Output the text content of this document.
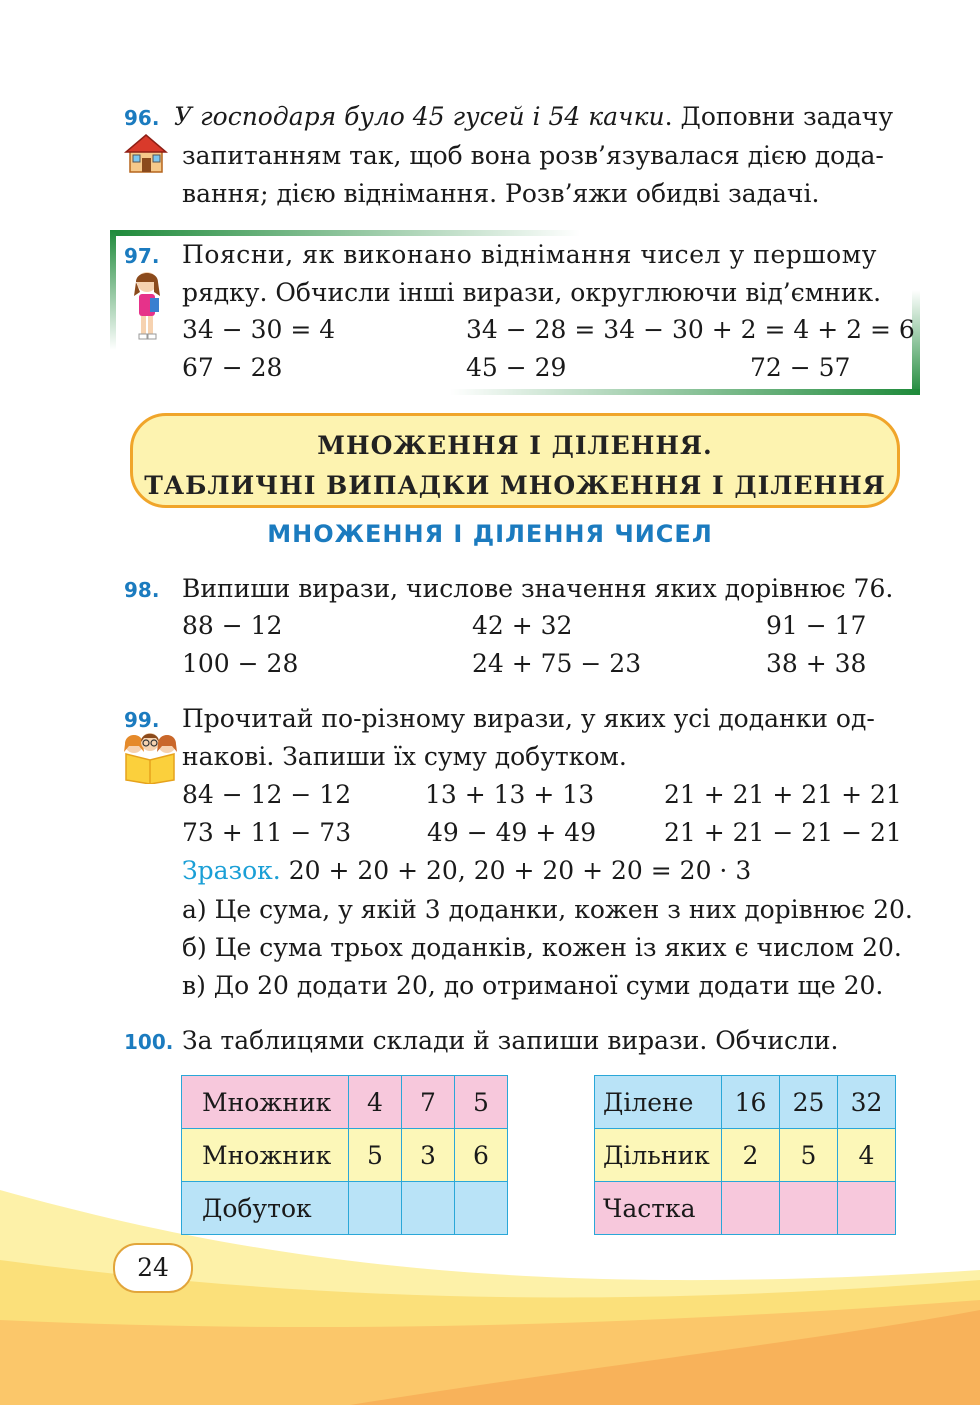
96. У господаря було 45 гусей і 54 качки. Доповни задачу
запитанням так, щоб вона розв’язувалася дією дода-
вання; дією віднімання. Розв’яжи обидві задачі.
97. Поясни, як виконано віднімання чисел у першому
рядку. Обчисли інші вирази, округлюючи від’ємник.
34 − 30 = 4	34 − 28 = 34 − 30 + 2 = 4 + 2 = 6
67 − 28	45 − 29	72 − 57
МНОЖЕННЯ І ДІЛЕННЯ.
ТАБЛИЧНІ ВИПАДКИ МНОЖЕННЯ І ДІЛЕННЯ
МНОЖЕННЯ І ДІЛЕННЯ ЧИСЕЛ
98. Випиши вирази, числове значення яких дорівнює 76.
88 − 12	42 + 32	91 − 17
100 − 28	24 + 75 − 23	38 + 38
99. Прочитай по-різному вирази, у яких усі доданки од-
накові. Запиши їх суму добутком.
84 − 12 − 12	13 + 13 + 13	21 + 21 + 21 + 21
73 + 11 − 73	49 − 49 + 49	21 + 21 − 21 − 21
Зразок. 20 + 20 + 20, 20 + 20 + 20 = 20 · 3
а) Це сума, у якій 3 доданки, кожен з них дорівнює 20.
б) Це сума трьох доданків, кожен із яких є числом 20.
в) До 20 додати 20, до отриманої суми додати ще 20.
100. За таблицями склади й запиши вирази. Обчисли.
Множник	4	7	5
Множник	5	3	6
Добуток			
Ділене	16	25	32
Дільник	2	5	4
Частка			
24
